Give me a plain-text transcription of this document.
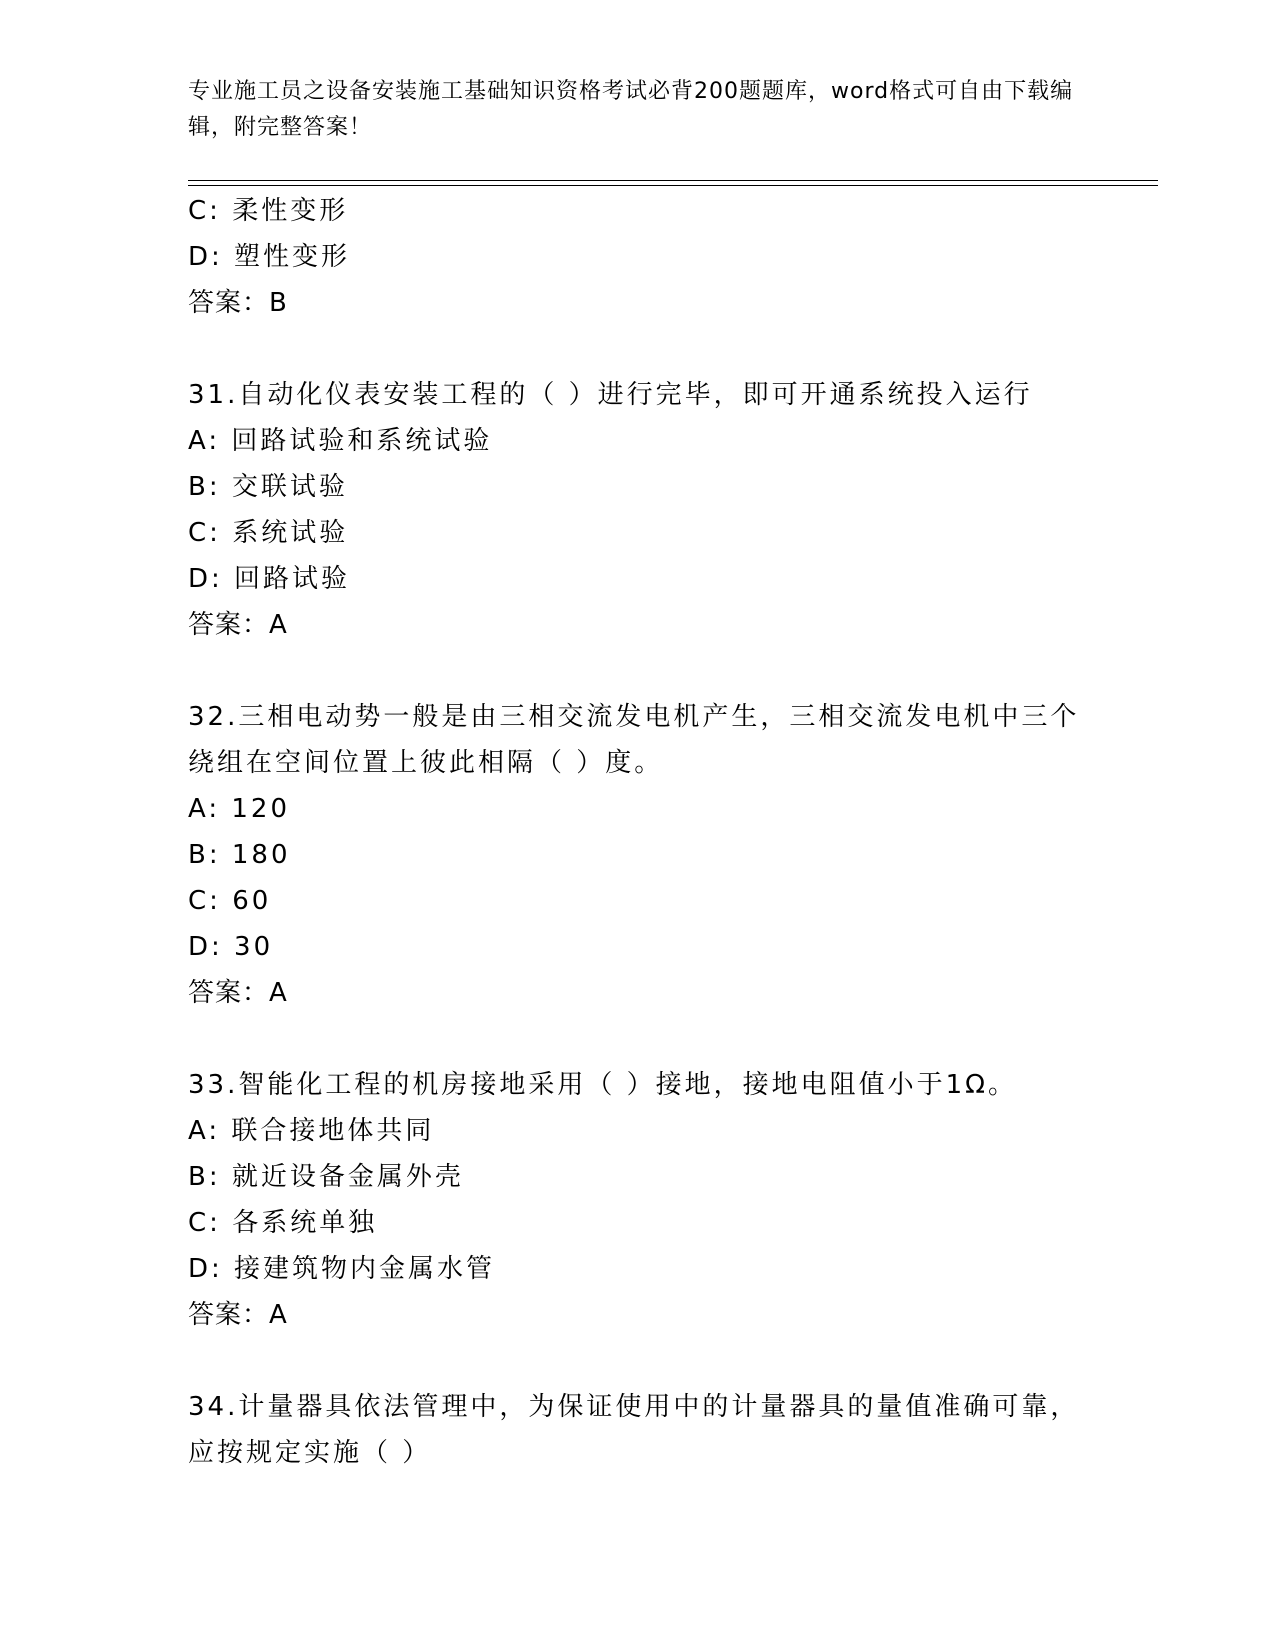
专业施工员之设备安装施工基础知识资格考试必背200题题库，word格式可自由下载编辑，附完整答案！
C: 柔性变形
D: 塑性变形
答案：B
31.自动化仪表安装工程的（ ）进行完毕，即可开通系统投入运行
A: 回路试验和系统试验
B: 交联试验
C: 系统试验
D: 回路试验
答案：A
32.三相电动势一般是由三相交流发电机产生，三相交流发电机中三个
绕组在空间位置上彼此相隔（ ）度。
A: 120
B: 180
C: 60
D: 30
答案：A
33.智能化工程的机房接地采用（ ）接地，接地电阻值小于1Ω。
A: 联合接地体共同
B: 就近设备金属外壳
C: 各系统单独
D: 接建筑物内金属水管
答案：A
34.计量器具依法管理中，为保证使用中的计量器具的量值准确可靠，
应按规定实施（ ）
